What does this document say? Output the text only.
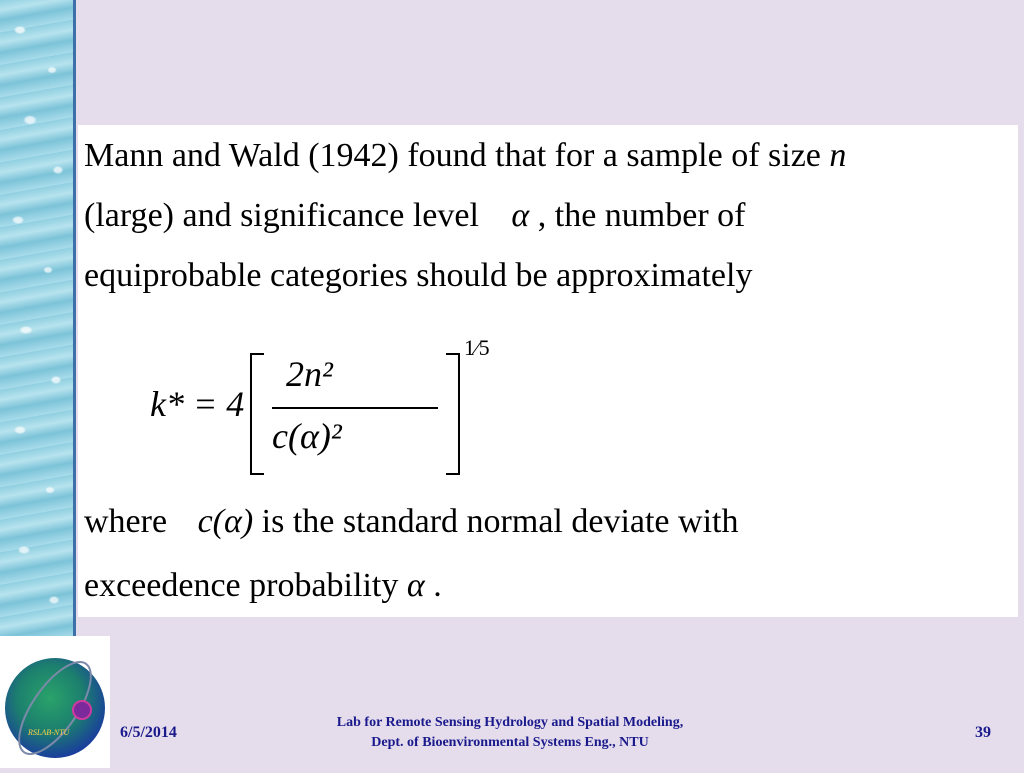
Mann and Wald (1942) found that for a sample of size n

(large) and significance level α , the number of

equiprobable categories should be approximately

k* = 4
2n²
c(α)²
1⁄5

where c(α) is the standard normal deviate with

exceedence probability α .

RSLAB-NTU	6/5/2014
Lab for Remote Sensing Hydrology and Spatial Modeling,
Dept. of Bioenvironmental Systems Eng., NTU
39
